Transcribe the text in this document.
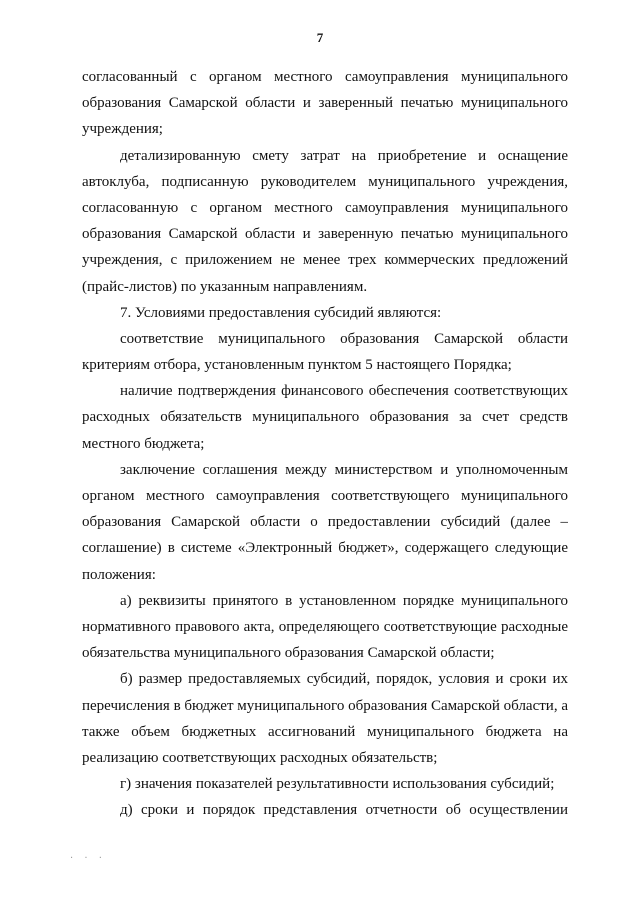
7
согласованный с органом местного самоуправления муниципального
образования Самарской области и заверенный печатью муниципального
учреждения;
детализированную смету затрат на приобретение и оснащение
автоклуба, подписанную руководителем муниципального учреждения,
согласованную с органом местного самоуправления муниципального
образования Самарской области и заверенную печатью муниципального
учреждения, с приложением не менее трех коммерческих предложений
(прайс-листов) по указанным направлениям.
7. Условиями предоставления субсидий являются:
соответствие муниципального образования Самарской области
критериям отбора, установленным пунктом 5 настоящего Порядка;
наличие подтверждения финансового обеспечения соответствующих
расходных обязательств муниципального образования за счет средств
местного бюджета;
заключение соглашения между министерством и уполномоченным
органом местного самоуправления соответствующего муниципального
образования Самарской области о предоставлении субсидий (далее –
соглашение) в системе «Электронный бюджет», содержащего следующие
положения:
а) реквизиты принятого в установленном порядке муниципального
нормативного правового акта, определяющего соответствующие расходные
обязательства муниципального образования Самарской области;
б) размер предоставляемых субсидий, порядок, условия и сроки их
перечисления в бюджет муниципального образования Самарской области, а
также объем бюджетных ассигнований муниципального бюджета на
реализацию соответствующих расходных обязательств;
г) значения показателей результативности использования субсидий;
д) сроки и порядок представления отчетности об осуществлении
· · ·
